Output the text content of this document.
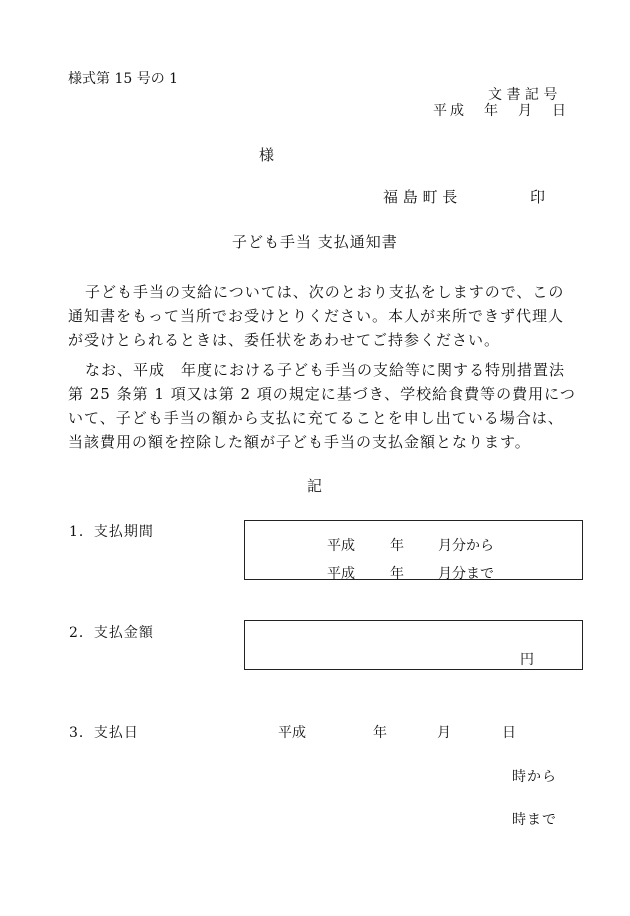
様式第 15 号の 1
文 書 記 号
平成　年　月　日
様
福 島 町 長	印
子ども手当 支払通知書
子ども手当の支給については、次のとおり支払をしますので、この
通知書をもって当所でお受けとりください。本人が来所できず代理人
が受けとられるときは、委任状をあわせてご持参ください。
なお、平成　年度における子ども手当の支給等に関する特別措置法
第 25 条第 1 項又は第 2 項の規定に基づき、学校給食費等の費用につ
いて、子ども手当の額から支払に充てることを申し出ている場合は、
当該費用の額を控除した額が子ども手当の支払金額となります。
記
1．支払期間
平成	年 月分から
平成	年 月分まで
2．支払金額
円
3．支払日	平成	年	月	日
時から
時まで
